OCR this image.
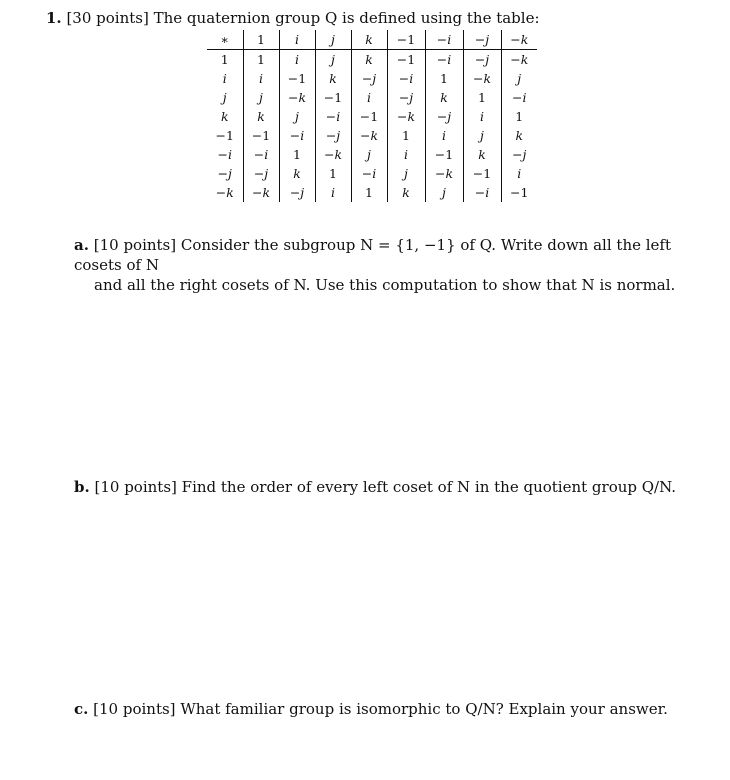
1. [30 points] The quaternion group Q is defined using the table:
∗	1	i	j	k	−1	−i	−j	−k
1	1	i	j	k	−1	−i	−j	−k
i	i	−1	k	−j	−i	1	−k	j
j	j	−k	−1	i	−j	k	1	−i
k	k	j	−i	−1	−k	−j	i	1
−1	−1	−i	−j	−k	1	i	j	k
−i	−i	1	−k	j	i	−1	k	−j
−j	−j	k	1	−i	j	−k	−1	i
−k	−k	−j	i	1	k	j	−i	−1
a. [10 points] Consider the subgroup N = {1, −1} of Q. Write down all the left cosets of N
and all the right cosets of N. Use this computation to show that N is normal.
b. [10 points] Find the order of every left coset of N in the quotient group Q/N.
c. [10 points] What familiar group is isomorphic to Q/N? Explain your answer.
